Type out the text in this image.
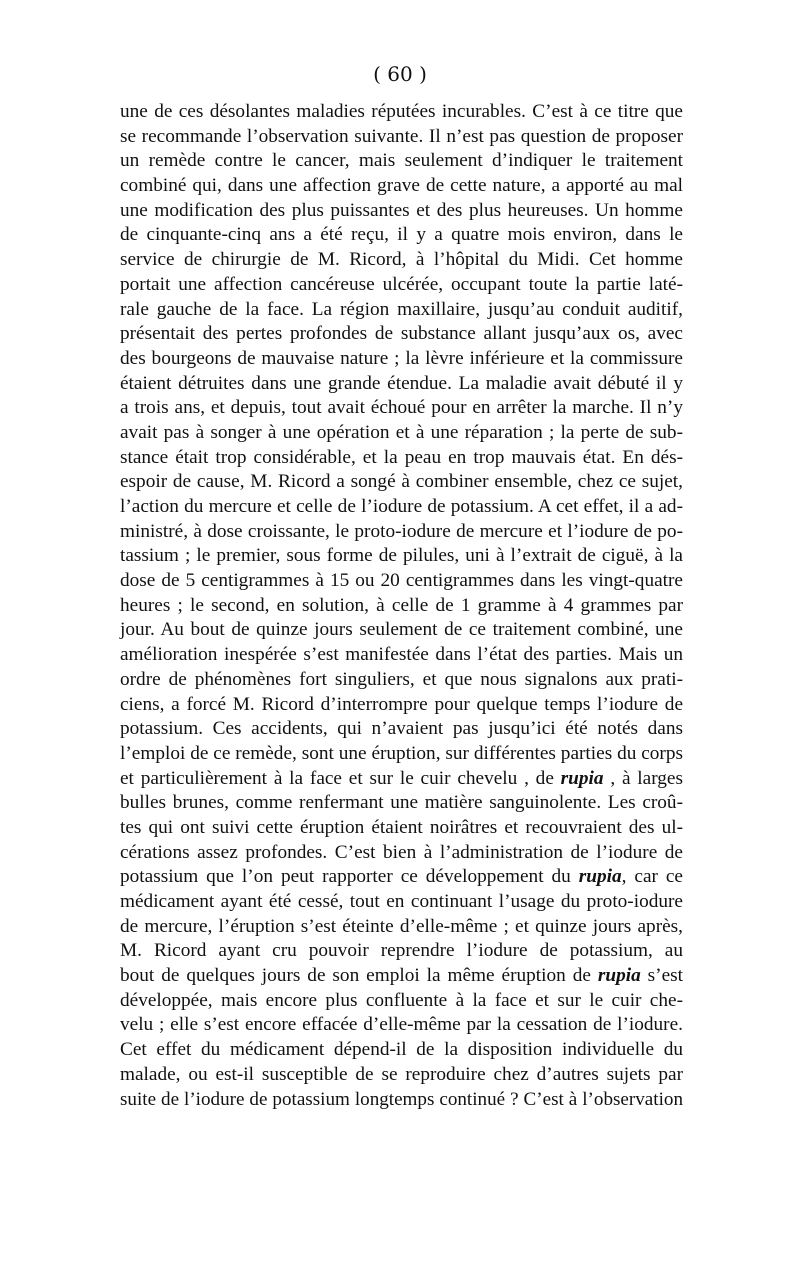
( 60 )
une de ces désolantes maladies réputées incurables. C’est à ce titre que
se recommande l’observation suivante. Il n’est pas question de proposer
un remède contre le cancer, mais seulement d’indiquer le traitement
combiné qui, dans une affection grave de cette nature, a apporté au mal
une modification des plus puissantes et des plus heureuses. Un homme
de cinquante-cinq ans a été reçu, il y a quatre mois environ, dans le
service de chirurgie de M. Ricord, à l’hôpital du Midi. Cet homme
portait une affection cancéreuse ulcérée, occupant toute la partie laté-
rale gauche de la face. La région maxillaire, jusqu’au conduit auditif,
présentait des pertes profondes de substance allant jusqu’aux os, avec
des bourgeons de mauvaise nature ; la lèvre inférieure et la commissure
étaient détruites dans une grande étendue. La maladie avait débuté il y
a trois ans, et depuis, tout avait échoué pour en arrêter la marche. Il n’y
avait pas à songer à une opération et à une réparation ; la perte de sub-
stance était trop considérable, et la peau en trop mauvais état. En dés-
espoir de cause, M. Ricord a songé à combiner ensemble, chez ce sujet,
l’action du mercure et celle de l’iodure de potassium. A cet effet, il a ad-
ministré, à dose croissante, le proto-iodure de mercure et l’iodure de po-
tassium ; le premier, sous forme de pilules, uni à l’extrait de ciguë, à la
dose de 5 centigrammes à 15 ou 20 centigrammes dans les vingt-quatre
heures ; le second, en solution, à celle de 1 gramme à 4 grammes par
jour. Au bout de quinze jours seulement de ce traitement combiné, une
amélioration inespérée s’est manifestée dans l’état des parties. Mais un
ordre de phénomènes fort singuliers, et que nous signalons aux prati-
ciens, a forcé M. Ricord d’interrompre pour quelque temps l’iodure de
potassium. Ces accidents, qui n’avaient pas jusqu’ici été notés dans
l’emploi de ce remède, sont une éruption, sur différentes parties du corps
et particulièrement à la face et sur le cuir chevelu , de rupia , à larges
bulles brunes, comme renfermant une matière sanguinolente. Les croû-
tes qui ont suivi cette éruption étaient noirâtres et recouvraient des ul-
cérations assez profondes. C’est bien à l’administration de l’iodure de
potassium que l’on peut rapporter ce développement du rupia, car ce
médicament ayant été cessé, tout en continuant l’usage du proto-iodure
de mercure, l’éruption s’est éteinte d’elle-même ; et quinze jours après,
M. Ricord ayant cru pouvoir reprendre l’iodure de potassium, au
bout de quelques jours de son emploi la même éruption de rupia s’est
développée, mais encore plus confluente à la face et sur le cuir che-
velu ; elle s’est encore effacée d’elle-même par la cessation de l’iodure.
Cet effet du médicament dépend-il de la disposition individuelle du
malade, ou est-il susceptible de se reproduire chez d’autres sujets par
suite de l’iodure de potassium longtemps continué ? C’est à l’observation
